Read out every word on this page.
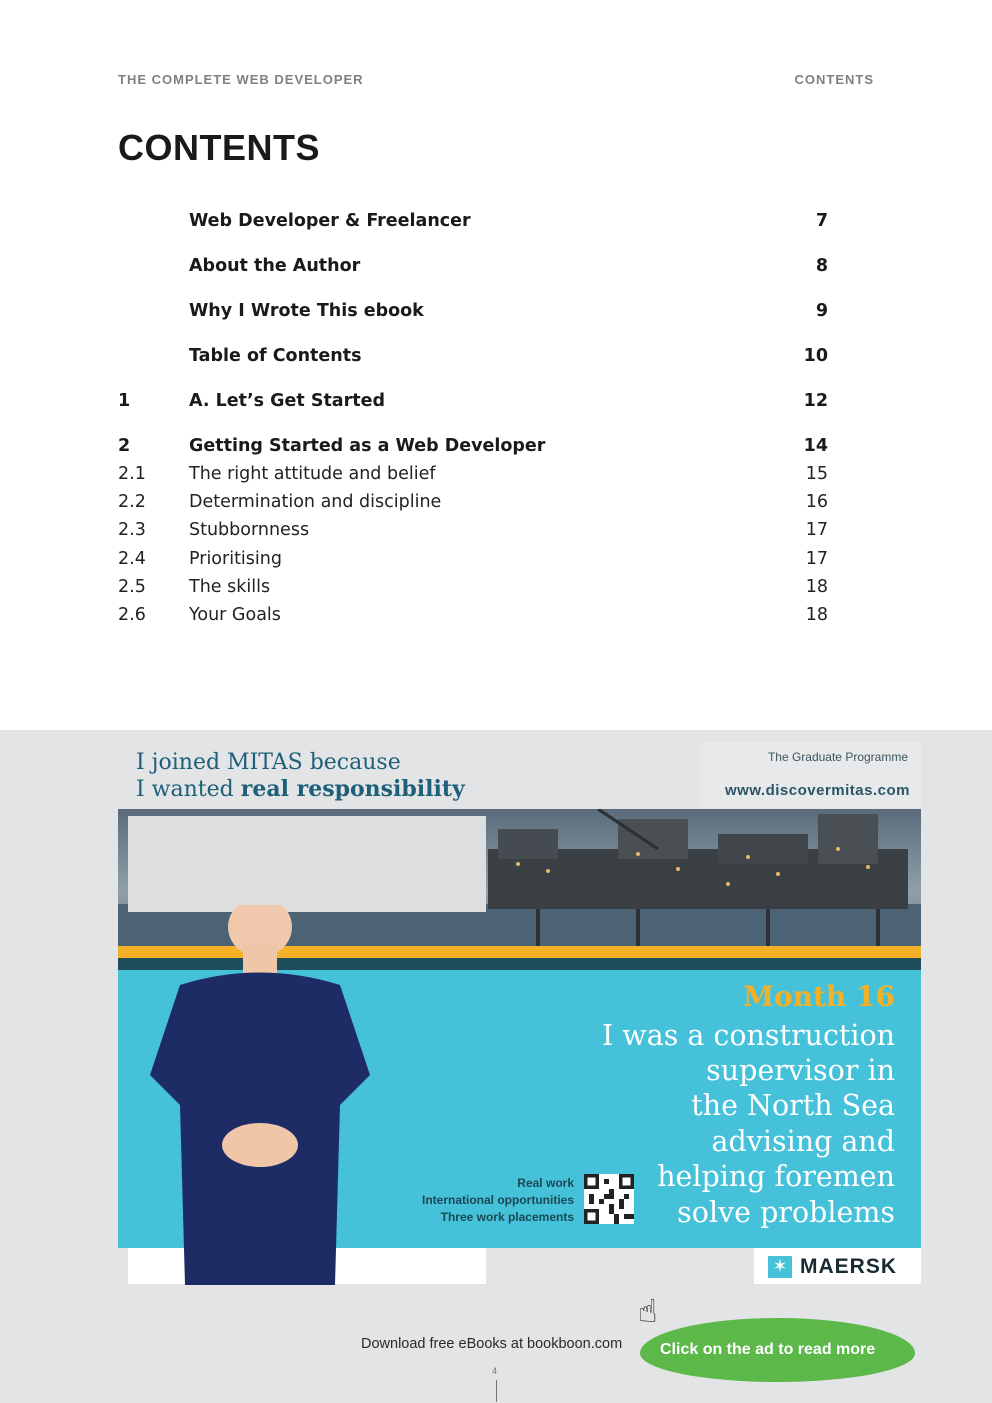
THE COMPLETE WEB DEVELOPER	CONTENTS
CONTENTS
Web Developer & Freelancer	7
About the Author	8
Why I Wrote This ebook	9
Table of Contents	10
1	A. Let’s Get Started	12
2	Getting Started as a Web Developer	14
2.1 The right attitude and belief	15
2.2 Determination and discipline	16
2.3 Stubbornness	17
2.4 Prioritising	17
2.5 The skills	18
2.6 Your Goals	18
I joined MITAS because
I wanted real responsibility
The Graduate Programme
www.discovermitas.com
Month 16
I was a construction
supervisor in
the North Sea
advising and
helping foremen
solve problems
Real work
International opportunities
Three work placements
✶ MAERSK
Download free eBooks at bookboon.com Click on the ad to read more
☝
4
